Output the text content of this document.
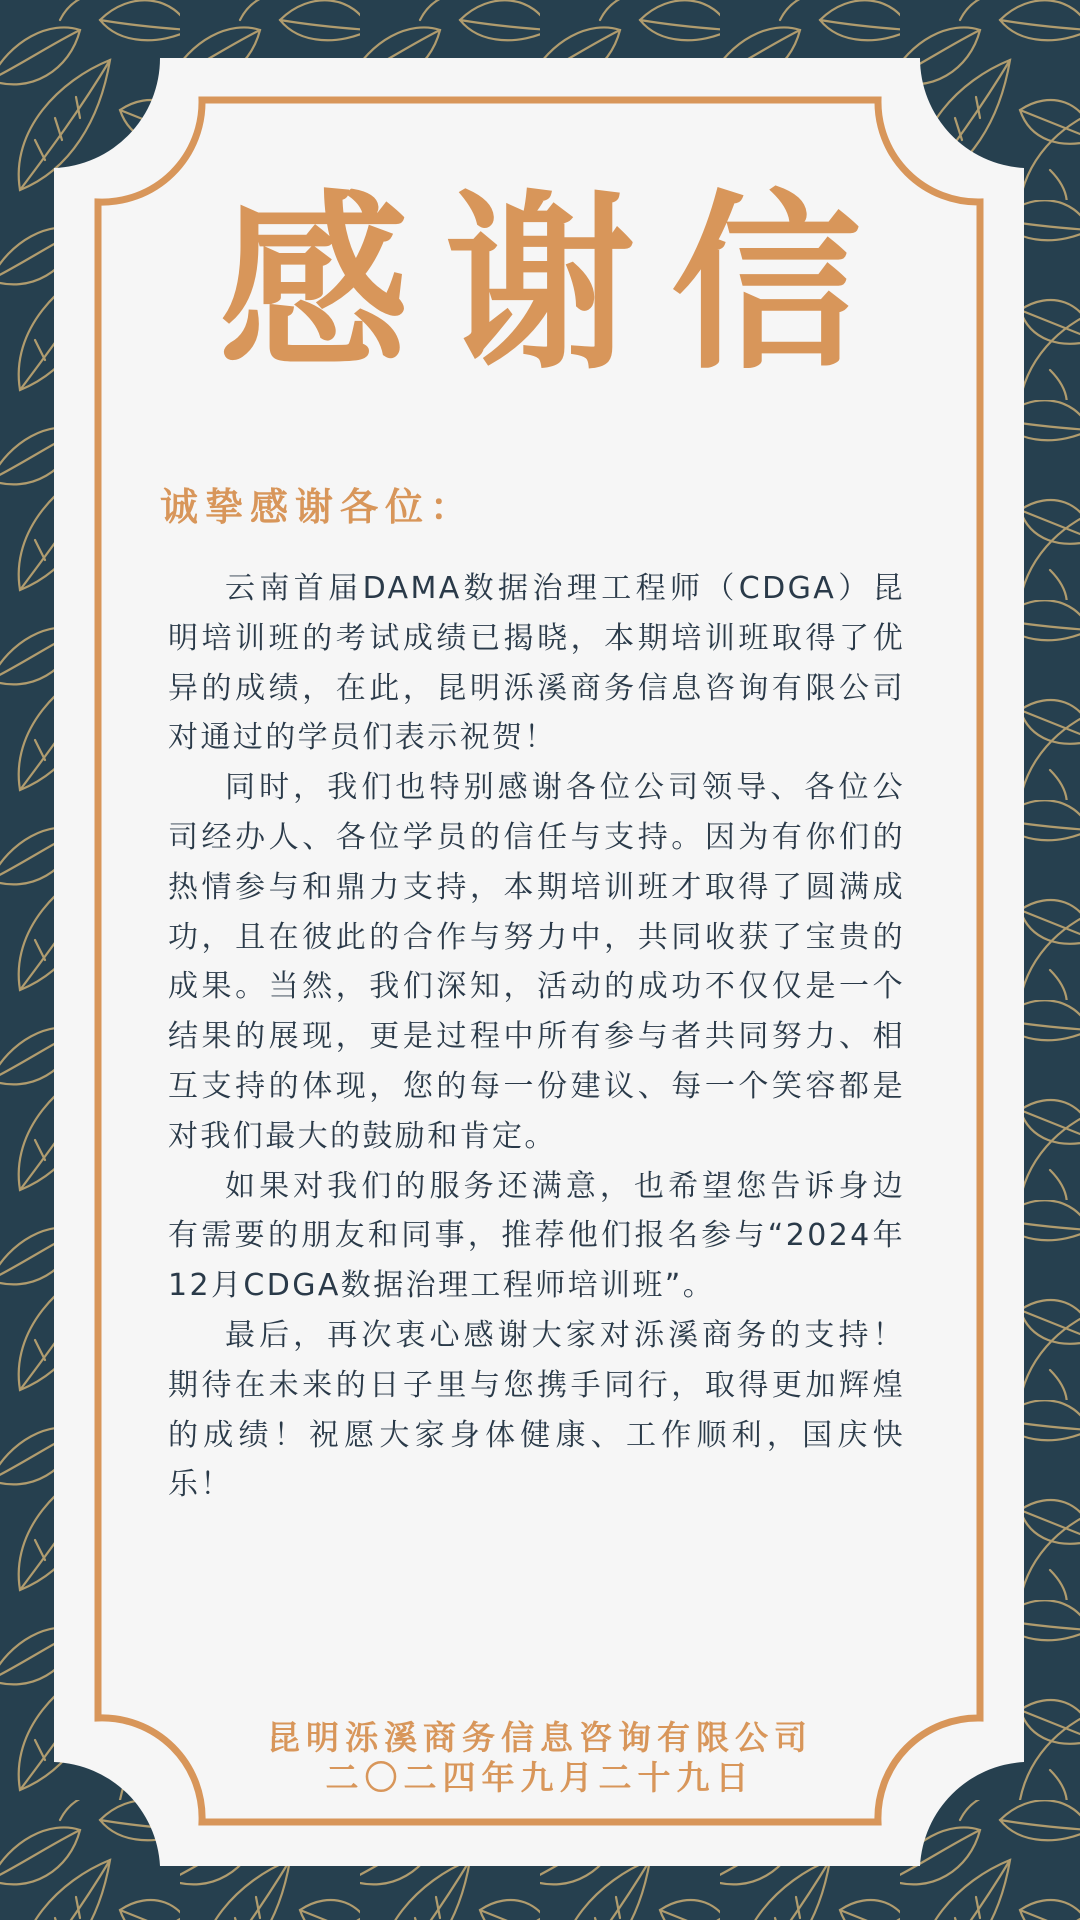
感谢信
诚挚感谢各位：

云南首届DAMA数据治理工程师（CDGA）昆明培训班的考试成绩已揭晓，本期培训班取得了优异的成绩，在此，昆明泺溪商务信息咨询有限公司对通过的学员们表示祝贺！

同时，我们也特别感谢各位公司领导、各位公司经办人、各位学员的信任与支持。因为有你们的热情参与和鼎力支持，本期培训班才取得了圆满成功，且在彼此的合作与努力中，共同收获了宝贵的成果。当然，我们深知，活动的成功不仅仅是一个结果的展现，更是过程中所有参与者共同努力、相互支持的体现，您的每一份建议、每一个笑容都是对我们最大的鼓励和肯定。

如果对我们的服务还满意，也希望您告诉身边有需要的朋友和同事，推荐他们报名参与“2024年12月CDGA数据治理工程师培训班”。

最后，再次衷心感谢大家对泺溪商务的支持！期待在未来的日子里与您携手同行，取得更加辉煌的成绩！祝愿大家身体健康、工作顺利，国庆快乐！

昆明泺溪商务信息咨询有限公司
二〇二四年九月二十九日
